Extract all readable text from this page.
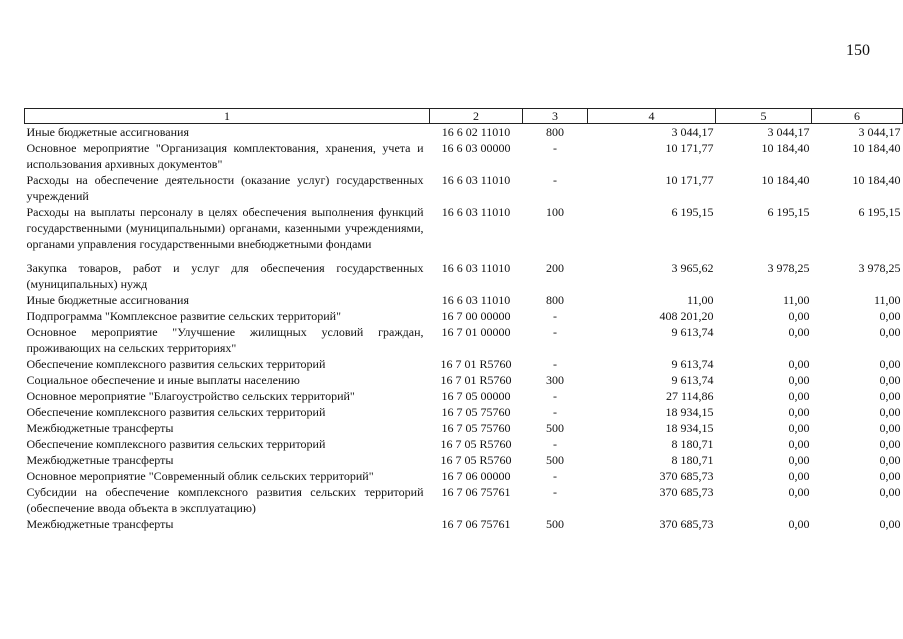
150
1	2	3	4	5	6
Иные бюджетные ассигнования	16 6 02 11010	800	3 044,17	3 044,17	3 044,17
Основное мероприятие "Организация комплектования, хранения, учета и использования архивных документов"	16 6 03 00000	-	10 171,77	10 184,40	10 184,40
Расходы на обеспечение деятельности (оказание услуг) государственных учреждений	16 6 03 11010	-	10 171,77	10 184,40	10 184,40
Расходы на выплаты персоналу в целях обеспечения выполнения функций государственными (муниципальными) органами, казенными учреждениями, органами управления государственными внебюджетными фондами	16 6 03 11010	100	6 195,15	6 195,15	6 195,15
Закупка товаров, работ и услуг для обеспечения государственных (муниципальных) нужд	16 6 03 11010	200	3 965,62	3 978,25	3 978,25
Иные бюджетные ассигнования	16 6 03 11010	800	11,00	11,00	11,00
Подпрограмма "Комплексное развитие сельских территорий"	16 7 00 00000	-	408 201,20	0,00	0,00
Основное мероприятие "Улучшение жилищных условий граждан, проживающих на сельских территориях"	16 7 01 00000	-	9 613,74	0,00	0,00
Обеспечение комплексного развития сельских территорий	16 7 01 R5760	-	9 613,74	0,00	0,00
Социальное обеспечение и иные выплаты населению	16 7 01 R5760	300	9 613,74	0,00	0,00
Основное мероприятие "Благоустройство сельских территорий"	16 7 05 00000	-	27 114,86	0,00	0,00
Обеспечение комплексного развития сельских территорий	16 7 05 75760	-	18 934,15	0,00	0,00
Межбюджетные трансферты	16 7 05 75760	500	18 934,15	0,00	0,00
Обеспечение комплексного развития сельских территорий	16 7 05 R5760	-	8 180,71	0,00	0,00
Межбюджетные трансферты	16 7 05 R5760	500	8 180,71	0,00	0,00
Основное мероприятие "Современный облик сельских территорий"	16 7 06 00000	-	370 685,73	0,00	0,00
Субсидии на обеспечение комплексного развития сельских территорий (обеспечение ввода объекта в эксплуатацию)	16 7 06 75761	-	370 685,73	0,00	0,00
Межбюджетные трансферты	16 7 06 75761	500	370 685,73	0,00	0,00
